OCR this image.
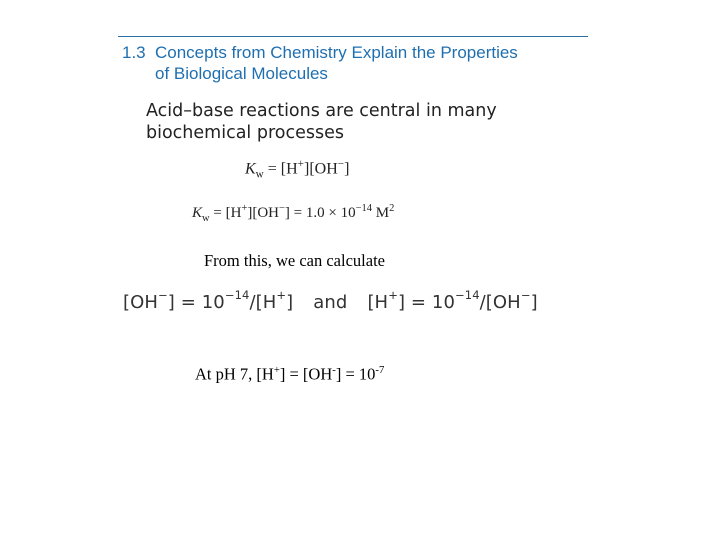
1.3 Concepts from Chemistry Explain the Properties
of Biological Molecules
Acid–base reactions are central in many biochemical processes
$K_w = [H^+][OH^-]$
$K_w = [H^+][OH^-] = 1.0 \times 10^{-14}$ $M^2$
From this, we can calculate
$[OH^-] = 10^{-14}/[H^+]$ and $[H^+] = 10^{-14}/[OH^-]$
At pH 7, $[H^+] = [OH^-] = 10^{-7}$
